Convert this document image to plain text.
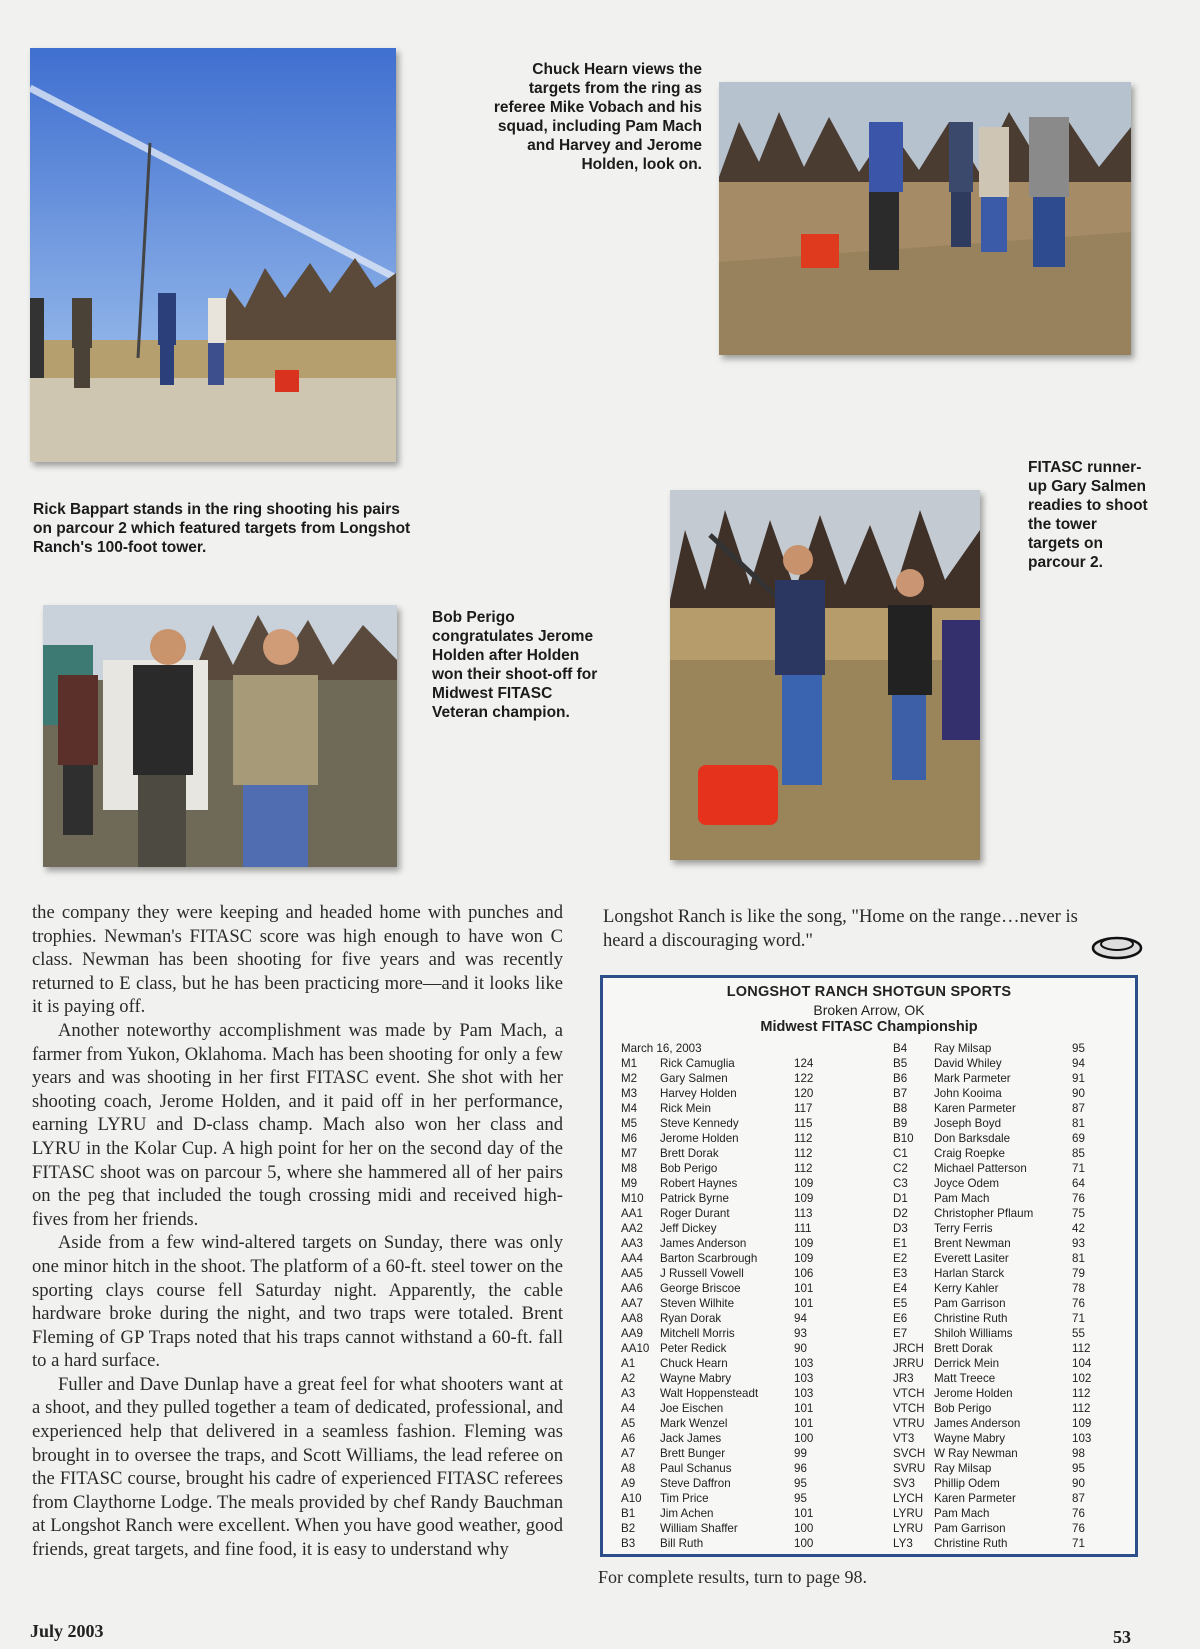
Chuck Hearn views the targets from the ring as referee Mike Vobach and his squad, including Pam Mach and Harvey and Jerome Holden, look on.
Rick Bappart stands in the ring shooting his pairs on parcour 2 which featured targets from Longshot Ranch's 100-foot tower.
FITASC runner-up Gary Salmen readies to shoot the tower targets on parcour 2.
Bob Perigo congratulates Jerome Holden after Holden won their shoot-off for Midwest FITASC Veteran champion.

the company they were keeping and headed home with punches and trophies. Newman's FITASC score was high enough to have won C class. Newman has been shooting for five years and was recently returned to E class, but he has been practicing more—and it looks like it is paying off.

Another noteworthy accomplishment was made by Pam Mach, a farmer from Yukon, Oklahoma. Mach has been shooting for only a few years and was shooting in her first FITASC event. She shot with her shooting coach, Jerome Holden, and it paid off in her performance, earning LYRU and D-class champ. Mach also won her class and LYRU in the Kolar Cup. A high point for her on the second day of the FITASC shoot was on parcour 5, where she hammered all of her pairs on the peg that included the tough crossing midi and received high-fives from her friends.

Aside from a few wind-altered targets on Sunday, there was only one minor hitch in the shoot. The platform of a 60-ft. steel tower on the sporting clays course fell Saturday night. Apparently, the cable hardware broke during the night, and two traps were totaled. Brent Fleming of GP Traps noted that his traps cannot withstand a 60-ft. fall to a hard surface.

Fuller and Dave Dunlap have a great feel for what shooters want at a shoot, and they pulled together a team of dedicated, professional, and experienced help that delivered in a seamless fashion. Fleming was brought in to oversee the traps, and Scott Williams, the lead referee on the FITASC course, brought his cadre of experienced FITASC referees from Claythorne Lodge. The meals provided by chef Randy Bauchman at Longshot Ranch were excellent. When you have good weather, good friends, great targets, and fine food, it is easy to understand why

Longshot Ranch is like the song, "Home on the range…never is heard a discouraging word."

LONGSHOT RANCH SHOTGUN SPORTS
Broken Arrow, OK
Midwest FITASC Championship
March 16, 2003
M1	Rick Camuglia	124
M2	Gary Salmen	122
M3	Harvey Holden	120
M4	Rick Mein	117
M5	Steve Kennedy	115
M6	Jerome Holden	112
M7	Brett Dorak	112
M8	Bob Perigo	112
M9	Robert Haynes	109
M10	Patrick Byrne	109
AA1	Roger Durant	113
AA2	Jeff Dickey	111
AA3	James Anderson	109
AA4	Barton Scarbrough	109
AA5	J Russell Vowell	106
AA6	George Briscoe	101
AA7	Steven Wilhite	101
AA8	Ryan Dorak	94
AA9	Mitchell Morris	93
AA10 Peter Redick	90
A1	Chuck Hearn	103
A2	Wayne Mabry	103
A3	Walt Hoppensteadt	103
A4	Joe Eischen	101
A5	Mark Wenzel	101
A6	Jack James	100
A7	Brett Bunger	99
A8	Paul Schanus	96
A9	Steve Daffron	95
A10	Tim Price	95
B1	Jim Achen	101
B2	William Shaffer	100
B3	Bill Ruth	100
B4	Ray Milsap	95
B5	David Whiley	94
B6	Mark Parmeter	91
B7	John Kooima	90
B8	Karen Parmeter	87
B9	Joseph Boyd	81
B10	Don Barksdale	69
C1	Craig Roepke	85
C2	Michael Patterson	71
C3	Joyce Odem	64
D1	Pam Mach	76
D2	Christopher Pflaum	75
D3	Terry Ferris	42
E1	Brent Newman	93
E2	Everett Lasiter	81
E3	Harlan Starck	79
E4	Kerry Kahler	78
E5	Pam Garrison	76
E6	Christine Ruth	71
E7	Shiloh Williams	55
JRCH Brett Dorak	112
JRRU Derrick Mein	104
JR3	Matt Treece	102
VTCH Jerome Holden	112
VTCH Bob Perigo	112
VTRU James Anderson	109
VT3	Wayne Mabry	103
SVCH W Ray Newman	98
SVRU Ray Milsap	95
SV3	Phillip Odem	90
LYCH Karen Parmeter	87
LYRU Pam Mach	76
LYRU Pam Garrison	76
LY3	Christine Ruth	71
For complete results, turn to page 98.
July 2003	53
